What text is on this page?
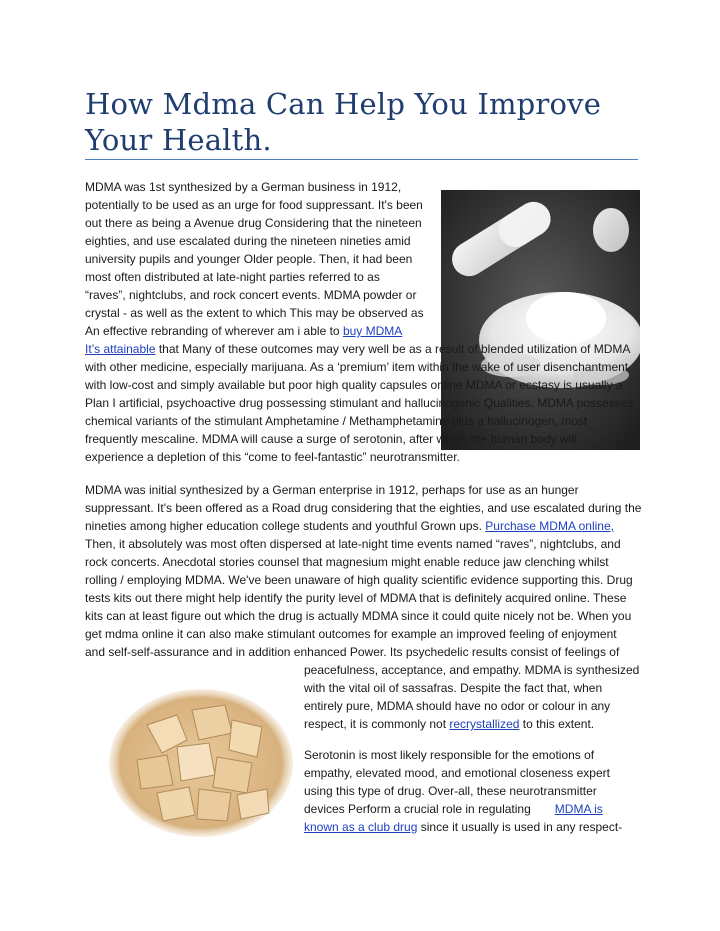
How Mdma Can Help You Improve Your Health.
MDMA was 1st synthesized by a German business in 1912,
potentially to be used as an urge for food suppressant. It's been
out there as being a Avenue drug Considering that the nineteen
eighties, and use escalated during the nineteen nineties amid
university pupils and younger Older people. Then, it had been
most often distributed at late-night parties referred to as
“raves”, nightclubs, and rock concert events. MDMA powder or
crystal - as well as the extent to which This may be observed as
An effective rebranding of wherever am i able to buy MDMA
It’s attainable that Many of these outcomes may very well be as a result of blended utilization of MDMA
with other medicine, especially marijuana. As a ‘premium’ item within the wake of user disenchantment
with low-cost and simply available but poor high quality capsules online MDMA or ecstasy is usually a
Plan I artificial, psychoactive drug possessing stimulant and hallucinogenic Qualities. MDMA possesses
chemical variants of the stimulant Amphetamine / Methamphetamine plus a hallucinogen, most
frequently mescaline. MDMA will cause a surge of serotonin, after which the human body will
experience a depletion of this “come to feel-fantastic” neurotransmitter.
MDMA was initial synthesized by a German enterprise in 1912, perhaps for use as an hunger
suppressant. It's been offered as a Road drug considering that the eighties, and use escalated during the
nineties among higher education college students and youthful Grown ups. Purchase MDMA online,
Then, it absolutely was most often dispersed at late-night time events named “raves”, nightclubs, and
rock concerts. Anecdotal stories counsel that magnesium might enable reduce jaw clenching whilst
rolling / employing MDMA. We've been unaware of high quality scientific evidence supporting this. Drug
tests kits out there might help identify the purity level of MDMA that is definitely acquired online. These
kits can at least figure out which the drug is actually MDMA since it could quite nicely not be. When you
get mdma online it can also make stimulant outcomes for example an improved feeling of enjoyment
and self-self-assurance and in addition enhanced Power. Its psychedelic results consist of feelings of
peacefulness, acceptance, and empathy. MDMA is synthesized
with the vital oil of sassafras. Despite the fact that, when
entirely pure, MDMA should have no odor or colour in any
respect, it is commonly not recrystallized to this extent.
Serotonin is most likely responsible for the emotions of
empathy, elevated mood, and emotional closeness expert
using this type of drug. Over-all, these neurotransmitter
devices Perform a crucial role in regulating MDMA is
known as a club drug since it usually is used in any respect-
